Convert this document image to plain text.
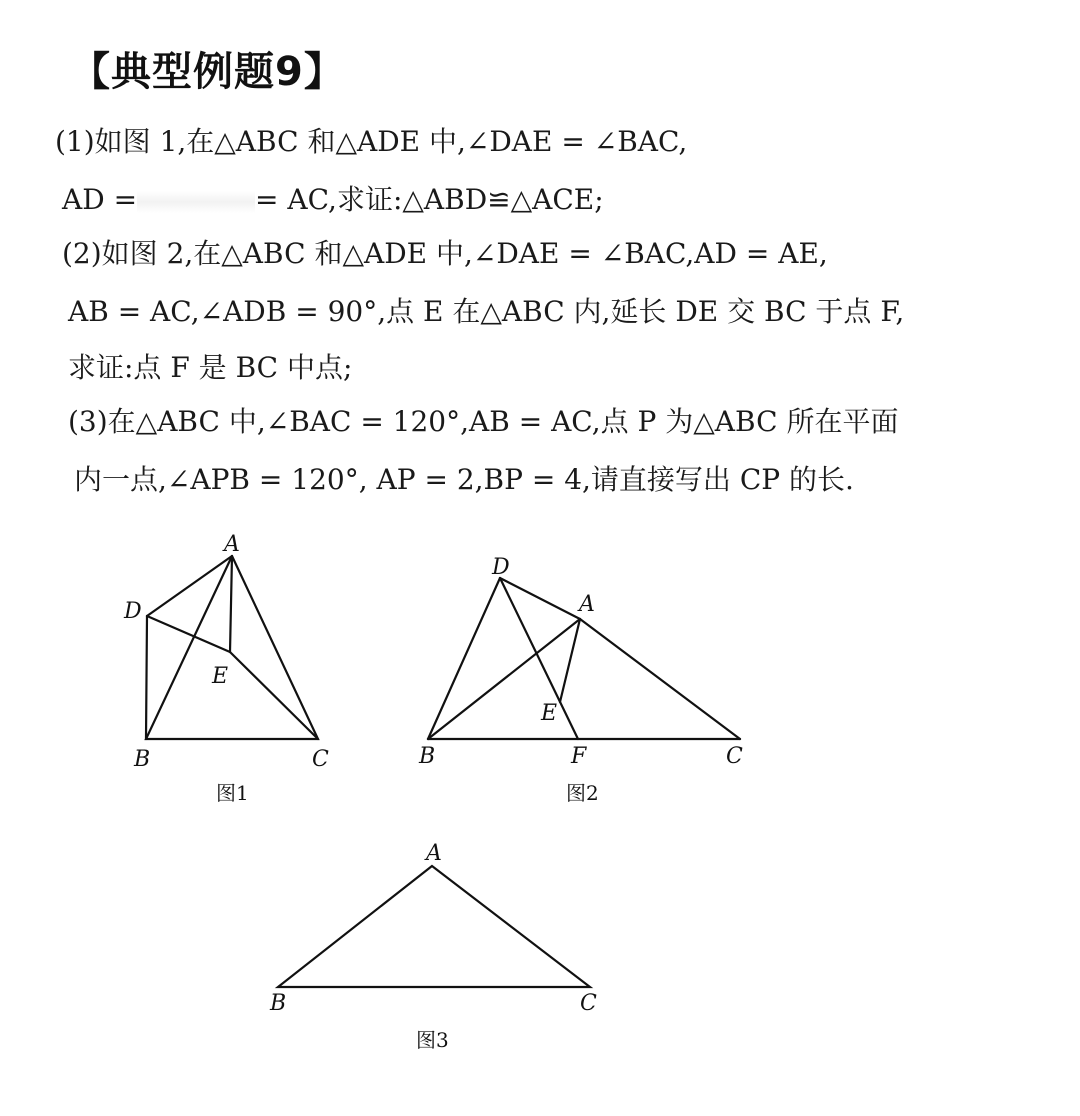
【典型例题9】
(1)如图 1,在△ABC 和△ADE 中,∠DAE = ∠BAC,
AD =	= AC,求证:△ABD≌△ACE;
(2)如图 2,在△ABC 和△ADE 中,∠DAE = ∠BAC,AD = AE,
AB = AC,∠ADB = 90°,点 E 在△ABC 内,延长 DE 交 BC 于点 F,
求证:点 F 是 BC 中点;
(3)在△ABC 中,∠BAC = 120°,AB = AC,点 P 为△ABC 所在平面
内一点,∠APB = 120°, AP = 2,BP = 4,请直接写出 CP 的长.
A
D
E
B	C
图1
D
A
E
B	F	C
图2
A
B	C
图3
